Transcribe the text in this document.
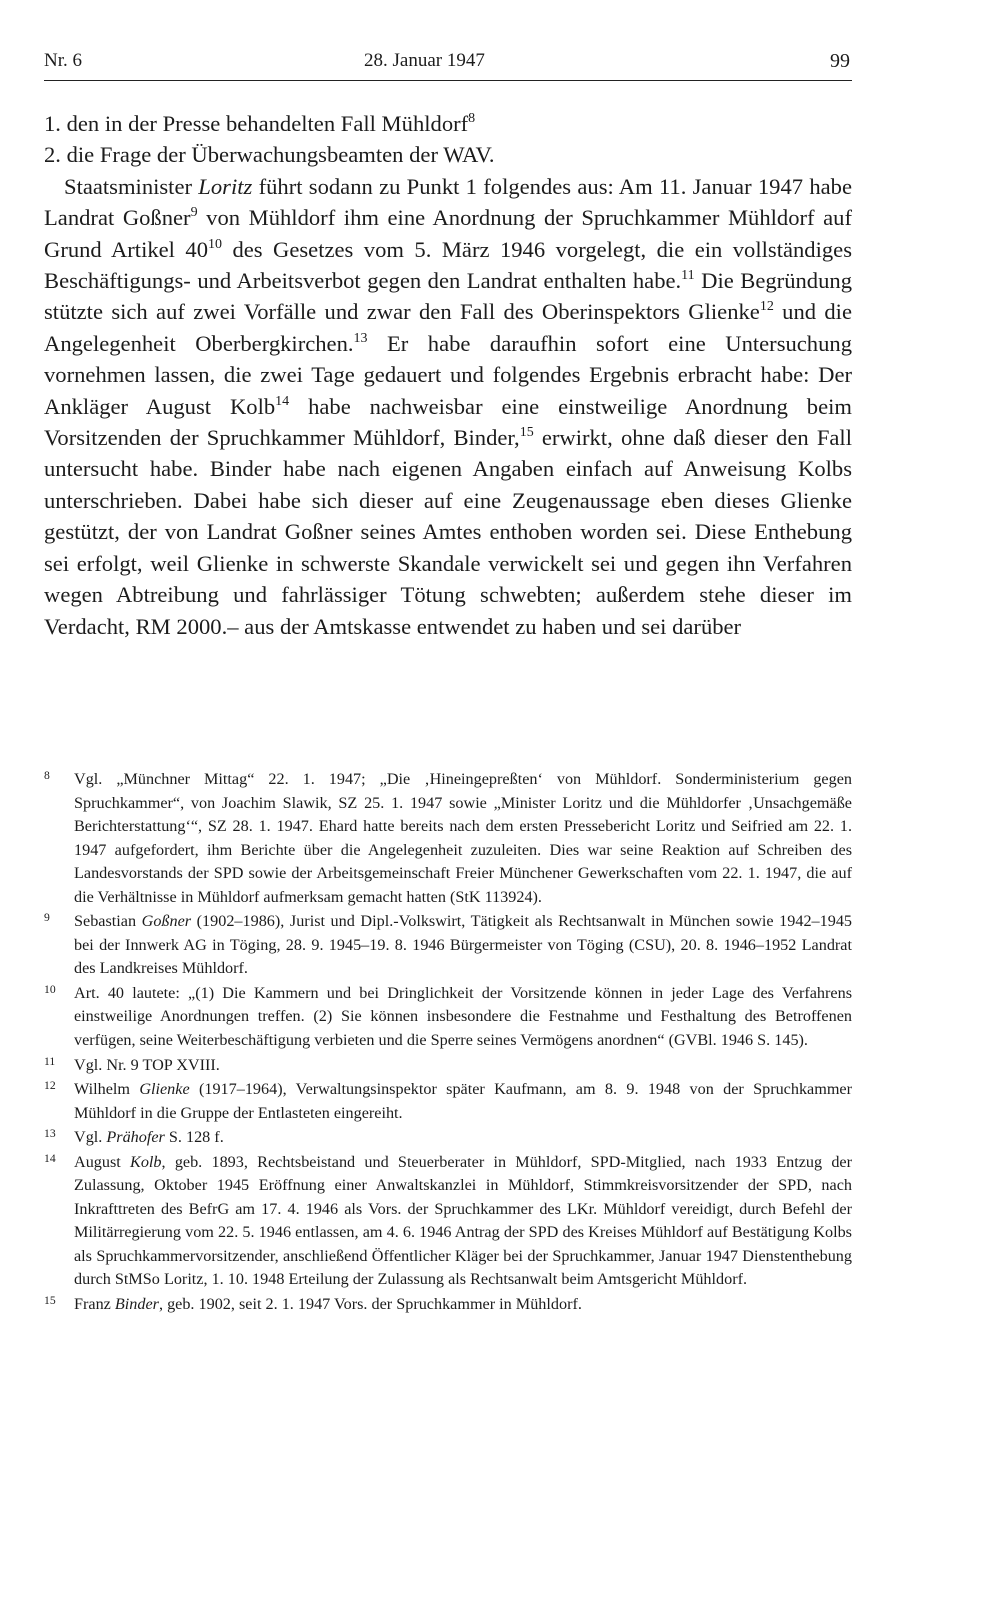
Nr. 6	28. Januar 1947	99

1. den in der Presse behandelten Fall Mühldorf$^8$

2. die Frage der Überwachungsbeamten der WAV.

Staatsminister Loritz führt sodann zu Punkt 1 folgendes aus: Am 11. Januar 1947 habe Landrat Goßner$^9$ von Mühldorf ihm eine Anordnung der Spruchkammer Mühldorf auf Grund Artikel $40^{10}$ des Gesetzes vom 5. März 1946 vorgelegt, die ein vollständiges Beschäftigungs- und Arbeitsverbot gegen den Landrat enthalten habe.$^{11}$ Die Begründung stützte sich auf zwei Vorfälle und zwar den Fall des Oberinspektors Glienke$^{12}$ und die Angelegenheit Oberbergkirchen.$^{13}$ Er habe daraufhin sofort eine Untersuchung vornehmen lassen, die zwei Tage gedauert und folgendes Ergebnis erbracht habe: Der Ankläger August Kolb$^{14}$ habe nachweisbar eine einstweilige Anordnung beim Vorsitzenden der Spruchkammer Mühldorf, Binder,$^{15}$ erwirkt, ohne daß dieser den Fall untersucht habe. Binder habe nach eigenen Angaben einfach auf Anweisung Kolbs unterschrieben. Dabei habe sich dieser auf eine Zeugenaussage eben dieses Glienke gestützt, der von Landrat Goßner seines Amtes enthoben worden sei. Diese Enthebung sei erfolgt, weil Glienke in schwerste Skandale verwickelt sei und gegen ihn Verfahren wegen Abtreibung und fahrlässiger Tötung schwebten; außerdem stehe dieser im Verdacht, RM 2000.– aus der Amtskasse entwendet zu haben und sei darüber

8	Vgl. „Münchner Mittag“ 22. 1. 1947; „Die ‚Hineingepreßten‘ von Mühldorf. Sonderministerium gegen Spruchkammer“, von Joachim Slawik, SZ 25. 1. 1947 sowie „Minister Loritz und die Mühldorfer ‚Unsachgemäße Berichterstattung‘“, SZ 28. 1. 1947. Ehard hatte bereits nach dem ersten Pressebericht Loritz und Seifried am 22. 1. 1947 aufgefordert, ihm Berichte über die Angelegenheit zuzuleiten. Dies war seine Reaktion auf Schreiben des Landesvorstands der SPD sowie der Arbeitsgemeinschaft Freier Münchener Gewerkschaften vom 22. 1. 1947, die auf die Verhältnisse in Mühldorf aufmerksam gemacht hatten (StK 113924).
9	Sebastian Goßner (1902–1986), Jurist und Dipl.-Volkswirt, Tätigkeit als Rechtsanwalt in München sowie 1942–1945 bei der Innwerk AG in Töging, 28. 9. 1945–19. 8. 1946 Bürgermeister von Töging (CSU), 20. 8. 1946–1952 Landrat des Landkreises Mühldorf.
10	Art. 40 lautete: „(1) Die Kammern und bei Dringlichkeit der Vorsitzende können in jeder Lage des Verfahrens einstweilige Anordnungen treffen. (2) Sie können insbesondere die Festnahme und Festhaltung des Betroffenen verfügen, seine Weiterbeschäftigung verbieten und die Sperre seines Vermögens anordnen“ (GVBl. 1946 S. 145).
11	Vgl. Nr. 9 TOP XVIII.
12	Wilhelm Glienke (1917–1964), Verwaltungsinspektor später Kaufmann, am 8. 9. 1948 von der Spruchkammer Mühldorf in die Gruppe der Entlasteten eingereiht.
13	Vgl. Prähofer S. 128 f.
14	August Kolb, geb. 1893, Rechtsbeistand und Steuerberater in Mühldorf, SPD-Mitglied, nach 1933 Entzug der Zulassung, Oktober 1945 Eröffnung einer Anwaltskanzlei in Mühldorf, Stimmkreisvorsitzender der SPD, nach Inkrafttreten des BefrG am 17. 4. 1946 als Vors. der Spruchkammer des LKr. Mühldorf vereidigt, durch Befehl der Militärregierung vom 22. 5. 1946 entlassen, am 4. 6. 1946 Antrag der SPD des Kreises Mühldorf auf Bestätigung Kolbs als Spruchkammervorsitzender, anschließend Öffentlicher Kläger bei der Spruchkammer, Januar 1947 Dienstenthebung durch StMSo Loritz, 1. 10. 1948 Erteilung der Zulassung als Rechtsanwalt beim Amtsgericht Mühldorf.
15	Franz Binder, geb. 1902, seit 2. 1. 1947 Vors. der Spruchkammer in Mühldorf.
